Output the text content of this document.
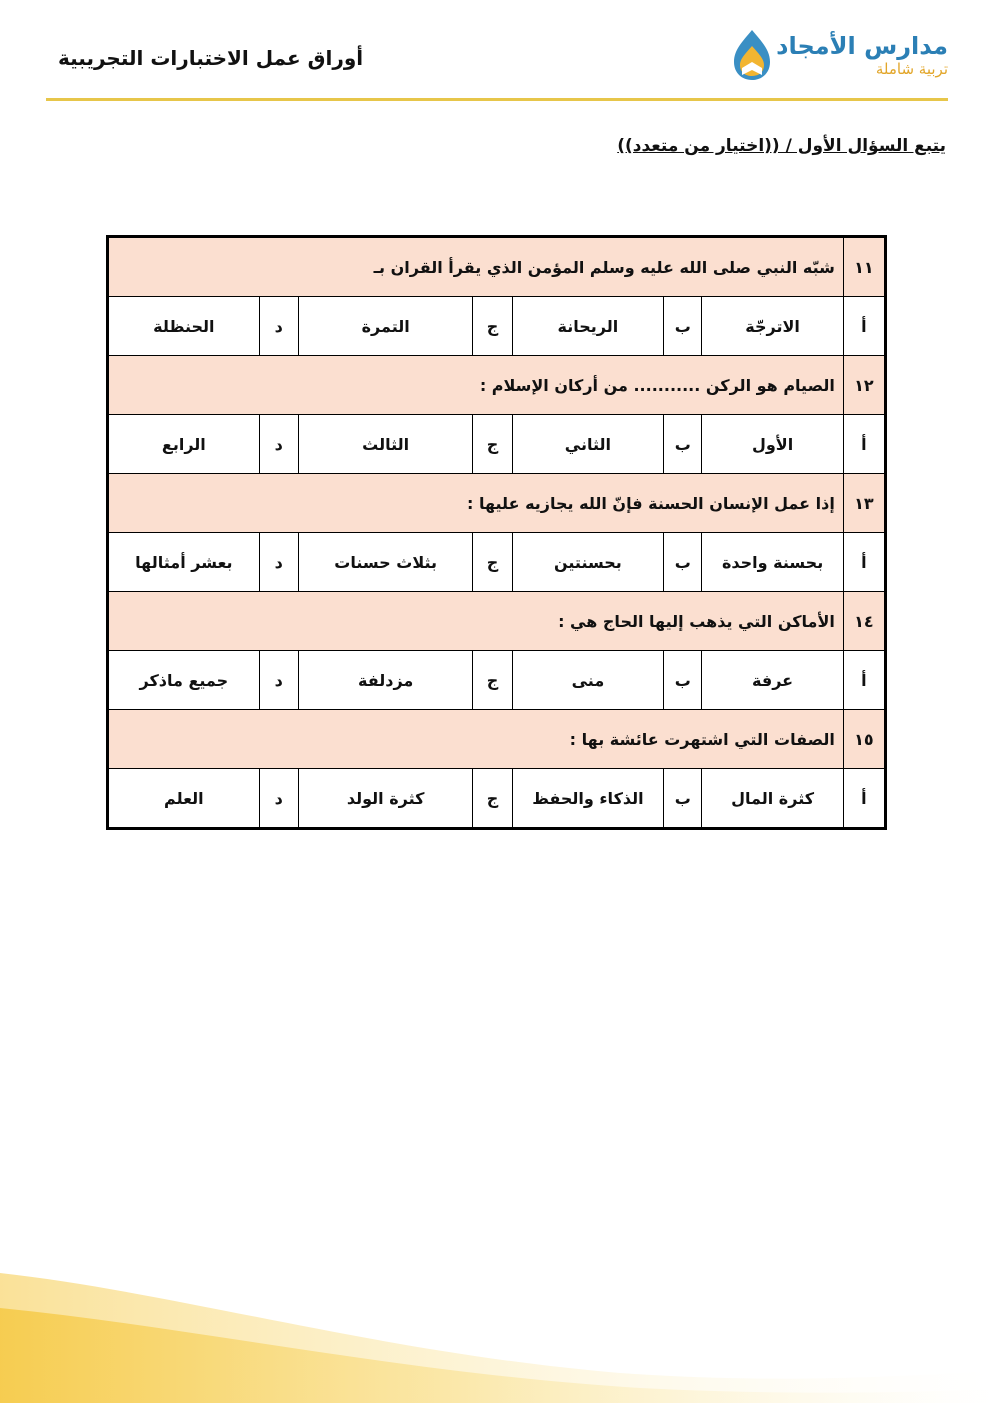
مدارس الأمجاد
تربية شاملة
أوراق عمل الاختبارات التجريبية
يتبع السؤال الأول / ((اختيار من متعدد))
١١	شبّه النبي صلى الله عليه وسلم المؤمن الذي يقرأ القران بـ						
أ	الاترجّة	ب	الريحانة	ج	التمرة	د	الحنظلة
١٢	الصيام هو الركن ........... من أركان الإسلام :						
أ	الأول	ب	الثاني	ج	الثالث	د	الرابع
١٣	إذا عمل الإنسان الحسنة فإنّ الله يجازيه عليها :						
أ	بحسنة واحدة	ب	بحسنتين	ج	بثلاث حسنات	د	بعشر أمثالها
١٤	الأماكن التي يذهب إليها الحاج هي :						
أ	عرفة	ب	منى	ج	مزدلفة	د	جميع ماذكر
١٥	الصفات التي اشتهرت عائشة بها :						
أ	كثرة المال	ب	الذكاء والحفظ	ج	كثرة الولد	د	العلم
